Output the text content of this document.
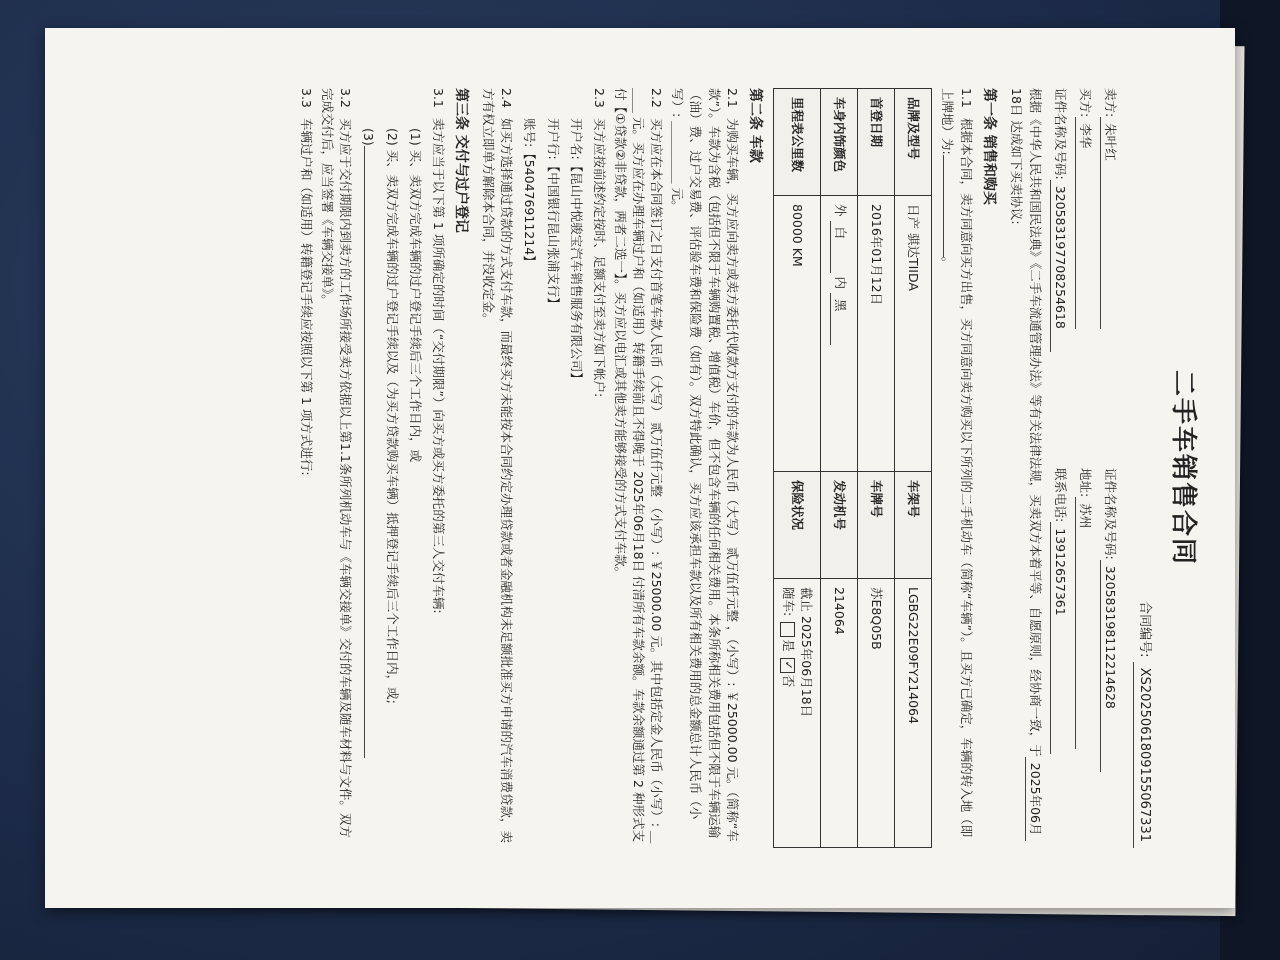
二手车销售合同
合同编号: XS20250618091550673​31
卖方:朱叶红
证件名称及号码:320583198112214628
买方:李华
地址:苏州
证件名称及号码:320583197708254618
联系电话:13912657361
根据《中华人民共和国民法典》《二手车流通管理办法》等有关法律法规，买卖双方本着平等、自愿原则，经协商一致，于2025年06月
18日 达成如下买卖协议:
第一条 销售和购买
1.1根据本合同，卖方同意向买方出售，买方同意向卖方购买以下所列的二手机动车（简称“车辆”）。且买方已确定，车辆的转入地（即上牌地）为:。
品牌及型号	日产 骐达TIIDA	车架号	LGBG22E09FY214064
首登日期	2016年01月12日	车牌号	苏E8Q05B
车身内饰颜色	外 白 内 黑	发动机号	214064
里程表公里数	80000 KM	保险状况	截止 2025年06月18日
随车: 是 ✓否
第二条 车款
2.1为购买车辆，买方应向卖方或卖方委托代收款方支付的车款为人民币（大写） 贰万伍仟元整 ，（小写）: ￥25000.00 元。（简称“车款”）。车款为含税（包括但不限于车辆购置税、增值税）车价，但不包含车辆的任何相关费用。本条所称相关费用包括但不限于车辆运输（油）费、过户交易费、评估验车费和保险费（如有）。双方特此确认，买方应该承担车款以及所有相关费用的总金额总计人民币（小写）: ＿＿＿＿＿ 元。
2.2买方应在本合同签订之日支付首笔车款人民币（大写） 贰万伍仟元整 （小写）: ￥25000.00 元。其中包括定金人民币（小写）: ＿＿＿ 元。买方应在办理车辆过户和（如适用）转籍手续前且不得晚于 2025年06月18日 付清所有车款余额。车款余额通过第 2 种形式支付【①贷款②非贷款，两者二选一】。买方应以电汇或其他卖方能够接受的方式支付车款。
2.3买方应按前述约定按时、足额支付至卖方如下帐户:
开户名:【昆山中悦骏宝汽车销售服务有限公司】
开户行:【中国银行昆山张浦支行】
账号:【540476911214】
2.4如买方选择通过贷款的方式支付车款，而最终买方未能按本合同约定办理贷款或者金融机构未足额批准买方申请的汽车消费贷款，卖方有权立即单方解除本合同，并没收定金。
第三条 交付与过户登记
3.1卖方应当于以下第 1 项所确定的时间（“交付期限”）向买方或买方委托的第三人交付车辆:
(1) 买、卖双方完成车辆的过户登记手续后三个工作日内，或
(2) 买、卖双方完成车辆的过户登记手续以及（为买方贷款购买车辆）抵押登记手续后三个工作日内，或;
(3)
3.2买方应于交付期限内到卖方的工作场所接受卖方依据以上第1.1条所列机动车与《车辆交接单》交付的车辆及随车材料与文件。双方完成交付后，应当签署《车辆交接单》。
3.3车辆过户和（如适用）转籍登记手续应按照以下第 1 项方式进行:
